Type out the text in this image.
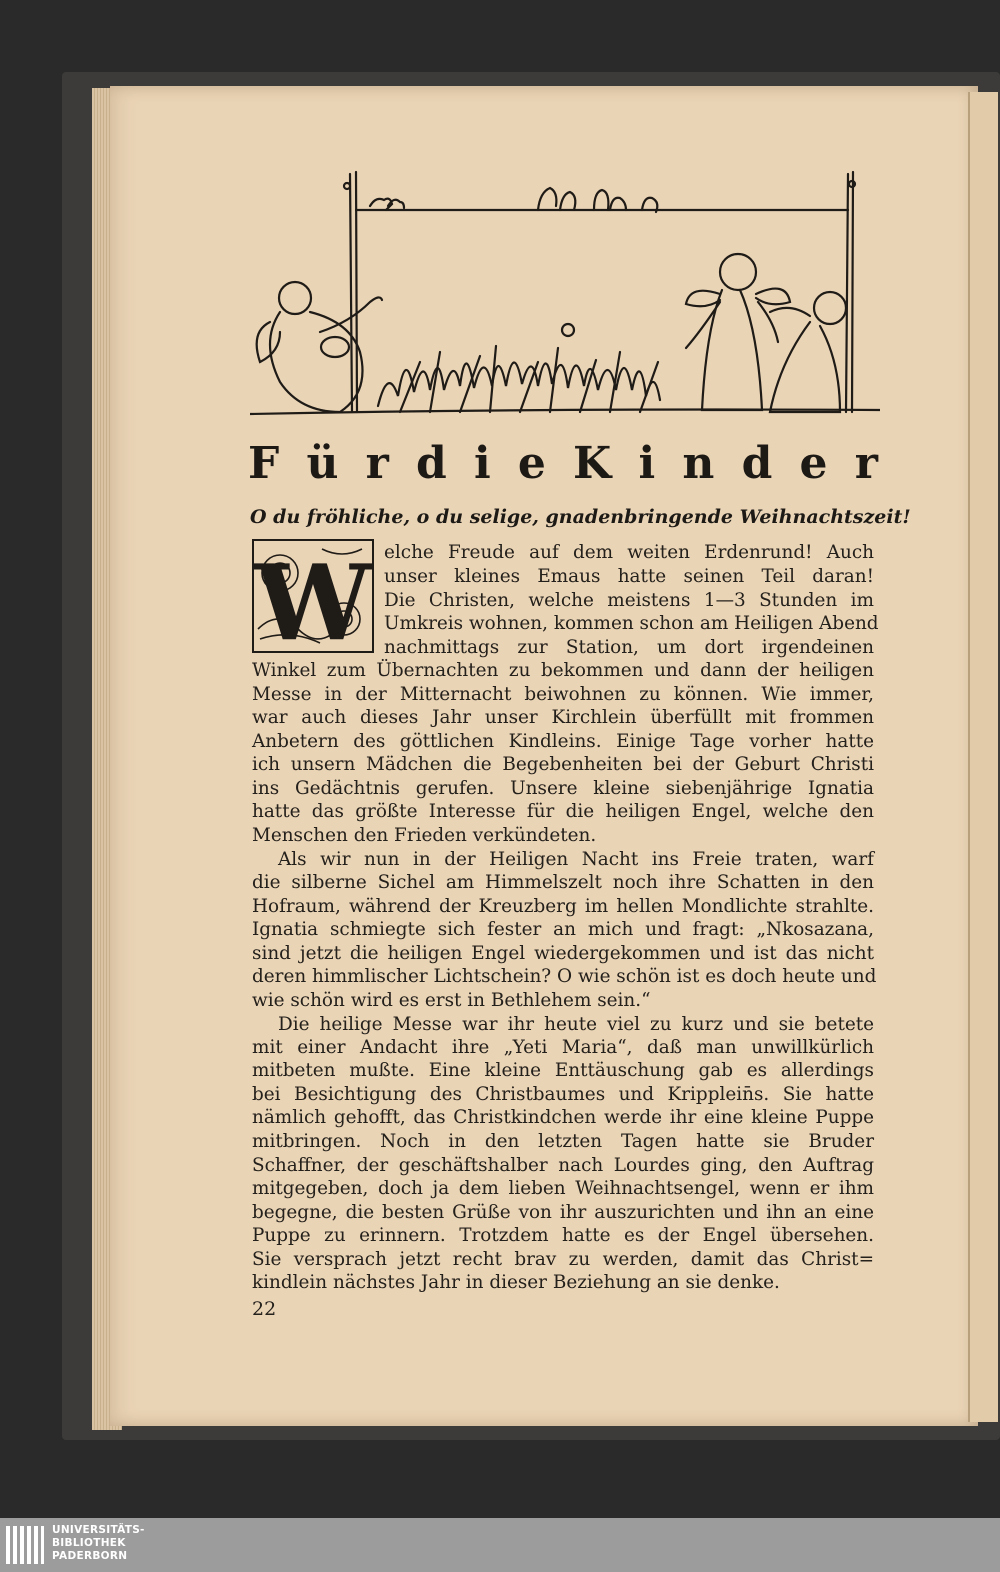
F ü r d i e K i n d e r
O du fröhliche, o du selige, gnadenbringende Weihnachtszeit!
W elche Freude auf dem weiten Erdenrund! Auch
unser kleines Emaus hatte seinen Teil daran!
Die Christen, welche meistens 1—3 Stunden im
Umkreis wohnen, kommen schon am Heiligen Abend
nachmittags zur Station, um dort irgendeinen
Winkel zum Übernachten zu bekommen und dann der heiligen
Messe in der Mitternacht beiwohnen zu können. Wie immer,
war auch dieses Jahr unser Kirchlein überfüllt mit frommen
Anbetern des göttlichen Kindleins. Einige Tage vorher hatte
ich unsern Mädchen die Begebenheiten bei der Geburt Christi
ins Gedächtnis gerufen. Unsere kleine siebenjährige Ignatia
hatte das größte Interesse für die heiligen Engel, welche den
Menschen den Frieden verkündeten.
Als wir nun in der Heiligen Nacht ins Freie traten, warf
die silberne Sichel am Himmelszelt noch ihre Schatten in den
Hofraum, während der Kreuzberg im hellen Mondlichte strahlte.
Ignatia schmiegte sich fester an mich und fragt: „Nkosazana,
sind jetzt die heiligen Engel wiedergekommen und ist das nicht
deren himmlischer Lichtschein? O wie schön ist es doch heute und
wie schön wird es erst in Bethlehem sein.“
Die heilige Messe war ihr heute viel zu kurz und sie betete
mit einer Andacht ihre „Yeti Maria“, daß man unwillkürlich
mitbeten mußte. Eine kleine Enttäuschung gab es allerdings
bei Besichtigung des Christbaumes und Kripplein̄s. Sie hatte
nämlich gehofft, das Christkindchen werde ihr eine kleine Puppe
mitbringen. Noch in den letzten Tagen hatte sie Bruder
Schaffner, der geschäftshalber nach Lourdes ging, den Auftrag
mitgegeben, doch ja dem lieben Weihnachtsengel, wenn er ihm
begegne, die besten Grüße von ihr auszurichten und ihn an eine
Puppe zu erinnern. Trotzdem hatte es der Engel übersehen.
Sie versprach jetzt recht brav zu werden, damit das Christ=
kindlein nächstes Jahr in dieser Beziehung an sie denke.
22
UNIVERSITÄTS-
BIBLIOTHEK
PADERBORN
